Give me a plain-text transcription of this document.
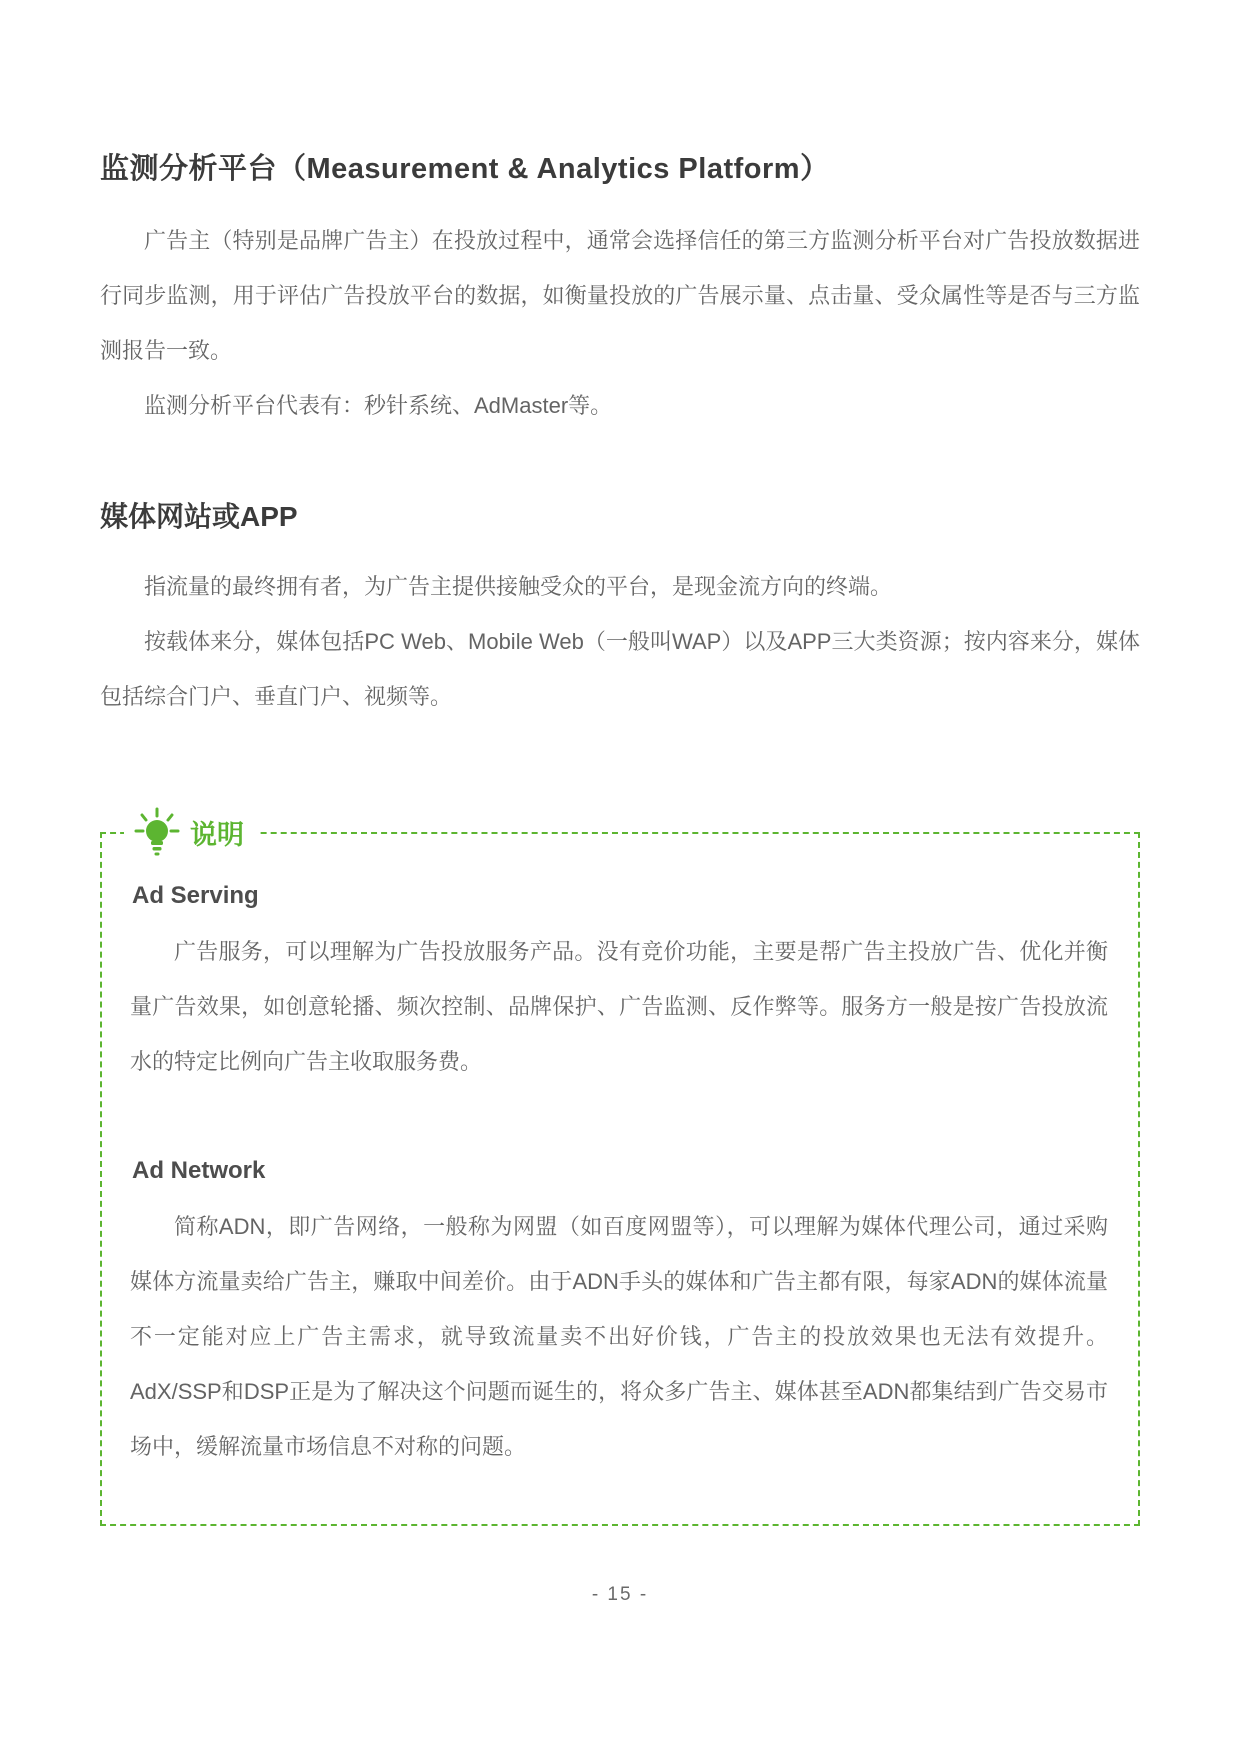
监测分析平台（Measurement & Analytics Platform）

广告主（特别是品牌广告主）在投放过程中，通常会选择信任的第三方监测分析平台对广告投放数据进行同步监测，用于评估广告投放平台的数据，如衡量投放的广告展示量、点击量、受众属性等是否与三方监测报告一致。

监测分析平台代表有：秒针系统、AdMaster等。

媒体网站或APP

指流量的最终拥有者，为广告主提供接触受众的平台，是现金流方向的终端。

按载体来分，媒体包括PC Web、Mobile Web（一般叫WAP）以及APP三大类资源；按内容来分，媒体包括综合门户、垂直门户、视频等。

说明
Ad Serving

广告服务，可以理解为广告投放服务产品。没有竞价功能，主要是帮广告主投放广告、优化并衡量广告效果，如创意轮播、频次控制、品牌保护、广告监测、反作弊等。服务方一般是按广告投放流水的特定比例向广告主收取服务费。

Ad Network

简称ADN，即广告网络，一般称为网盟（如百度网盟等），可以理解为媒体代理公司，通过采购媒体方流量卖给广告主，赚取中间差价。由于ADN手头的媒体和广告主都有限，每家ADN的媒体流量不一定能对应上广告主需求，就导致流量卖不出好价钱，广告主的投放效果也无法有效提升。AdX/SSP和DSP正是为了解决这个问题而诞生的，将众多广告主、媒体甚至ADN都集结到广告交易市场中，缓解流量市场信息不对称的问题。

- 15 -
